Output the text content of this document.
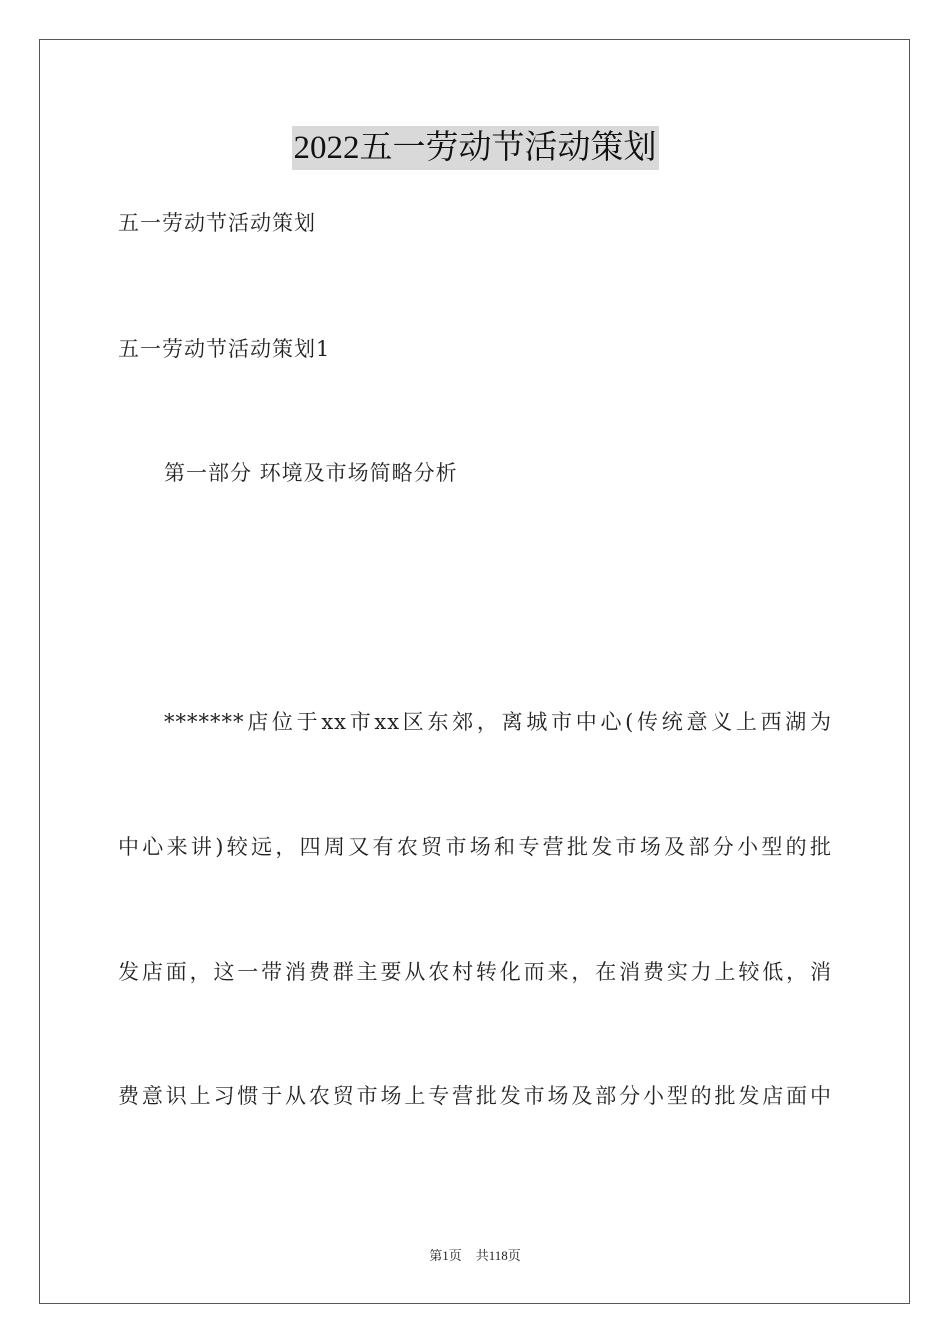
2022五一劳动节活动策划

五一劳动节活动策划

五一劳动节活动策划1

第一部分 环境及市场简略分析

*******店位于xx市xx区东郊，离城市中心(传统意义上西湖为

中心来讲)较远，四周又有农贸市场和专营批发市场及部分小型的批

发店面，这一带消费群主要从农村转化而来，在消费实力上较低，消

费意识上习惯于从农贸市场上专营批发市场及部分小型的批发店面中

第1页 共118页
